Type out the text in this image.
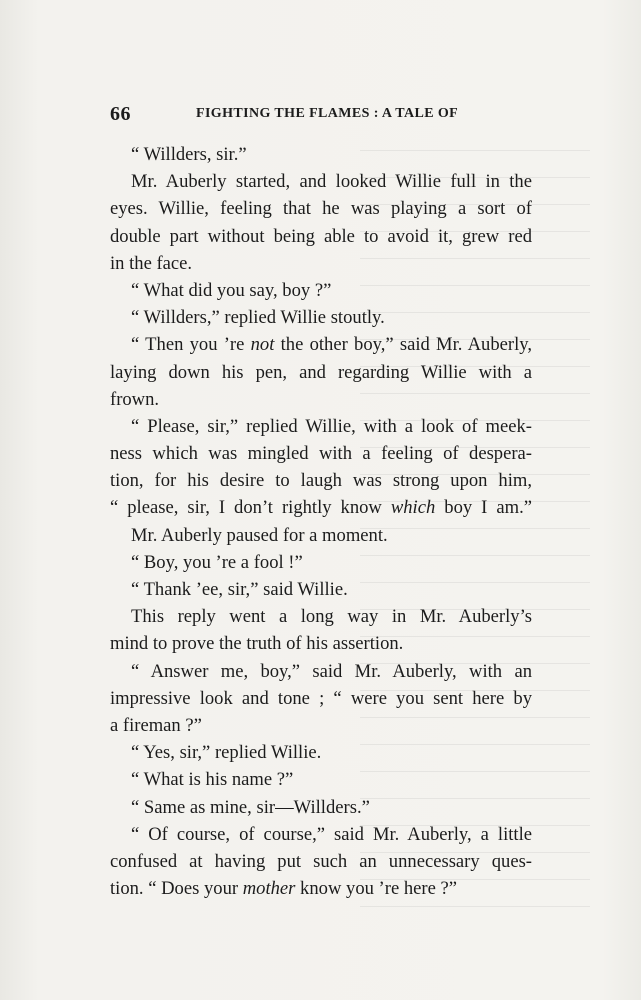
66	FIGHTING THE FLAMES : A TALE OF
“ Willders, sir.”
Mr. Auberly started, and looked Willie full in the
eyes. Willie, feeling that he was playing a sort of
double part without being able to avoid it, grew red
in the face.
“ What did you say, boy ?”
“ Willders,” replied Willie stoutly.
“ Then you ’re not the other boy,” said Mr. Auberly,
laying down his pen, and regarding Willie with a
frown.
“ Please, sir,” replied Willie, with a look of meek-
ness which was mingled with a feeling of despera-
tion, for his desire to laugh was strong upon him,
“ please, sir, I don’t rightly know which boy I am.”
Mr. Auberly paused for a moment.
“ Boy, you ’re a fool !”
“ Thank ’ee, sir,” said Willie.
This reply went a long way in Mr. Auberly’s
mind to prove the truth of his assertion.
“ Answer me, boy,” said Mr. Auberly, with an
impressive look and tone ; “ were you sent here by
a fireman ?”
“ Yes, sir,” replied Willie.
“ What is his name ?”
“ Same as mine, sir—Willders.”
“ Of course, of course,” said Mr. Auberly, a little
confused at having put such an unnecessary ques-
tion. “ Does your mother know you ’re here ?”
